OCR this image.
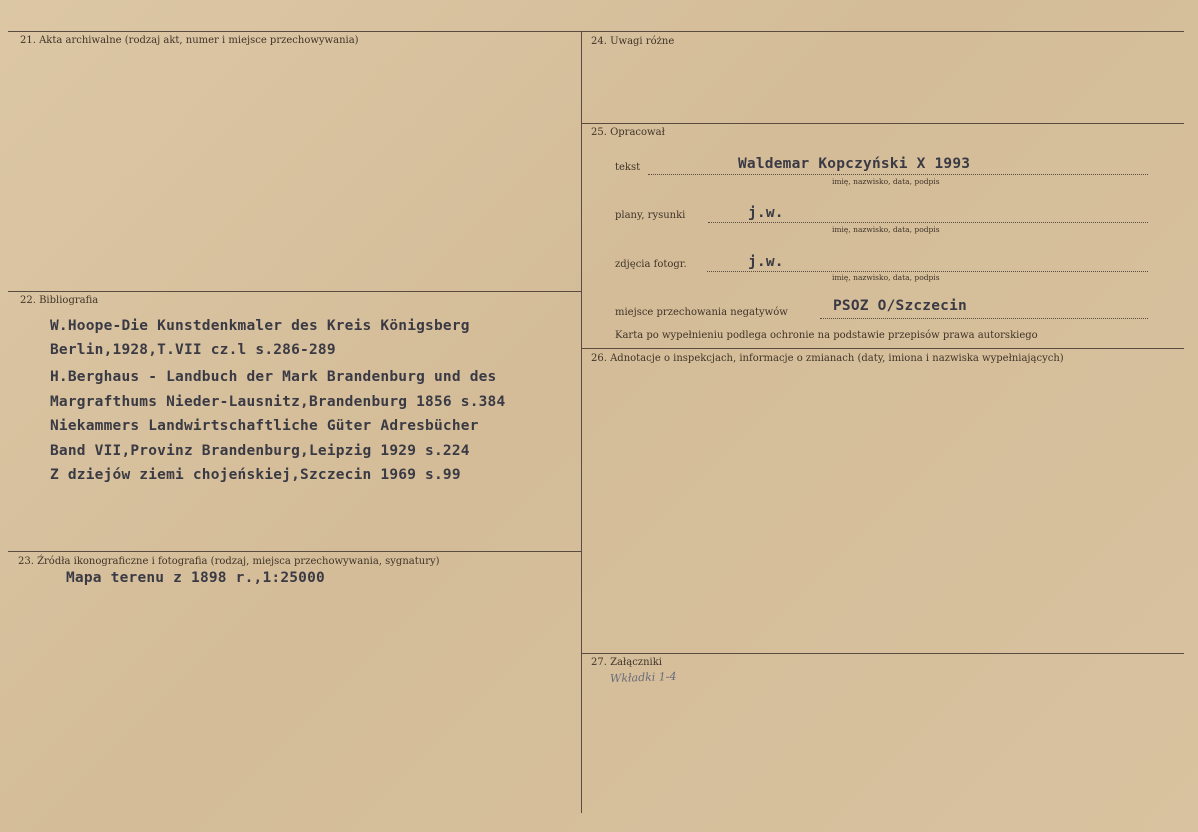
21. Akta archiwalne (rodzaj akt, numer i miejsce przechowywania)
22. Bibliografia
W.Hoope-Die Kunstdenkmaler des Kreis Königsberg
Berlin,1928,T.VII cz.l s.286-289
H.Berghaus - Landbuch der Mark Brandenburg und des
Margrafthums Nieder-Lausnitz,Brandenburg 1856 s.384
Niekammers Landwirtschaftliche Güter Adresbücher
Band VII,Provinz Brandenburg,Leipzig 1929 s.224
Z dziejów ziemi chojeńskiej,Szczecin 1969 s.99
23. Źródła ikonograficzne i fotografia (rodzaj, miejsca przechowywania, sygnatury)
Mapa terenu z 1898 r.,1:25000
24. Uwagi różne
25. Opracował
tekst	Waldemar Kopczyński X 1993
imię, nazwisko, data, podpis
plany, rysunki	j.w.
imię, nazwisko, data, podpis
zdjęcia fotogr.	j.w.
imię, nazwisko, data, podpis
miejsce przechowania negatywów	PSOZ O/Szczecin
Karta po wypełnieniu podlega ochronie na podstawie przepisów prawa autorskiego
26. Adnotacje o inspekcjach, informacje o zmianach (daty, imiona i nazwiska wypełniających)
27. Załączniki
Wkładki 1-4
